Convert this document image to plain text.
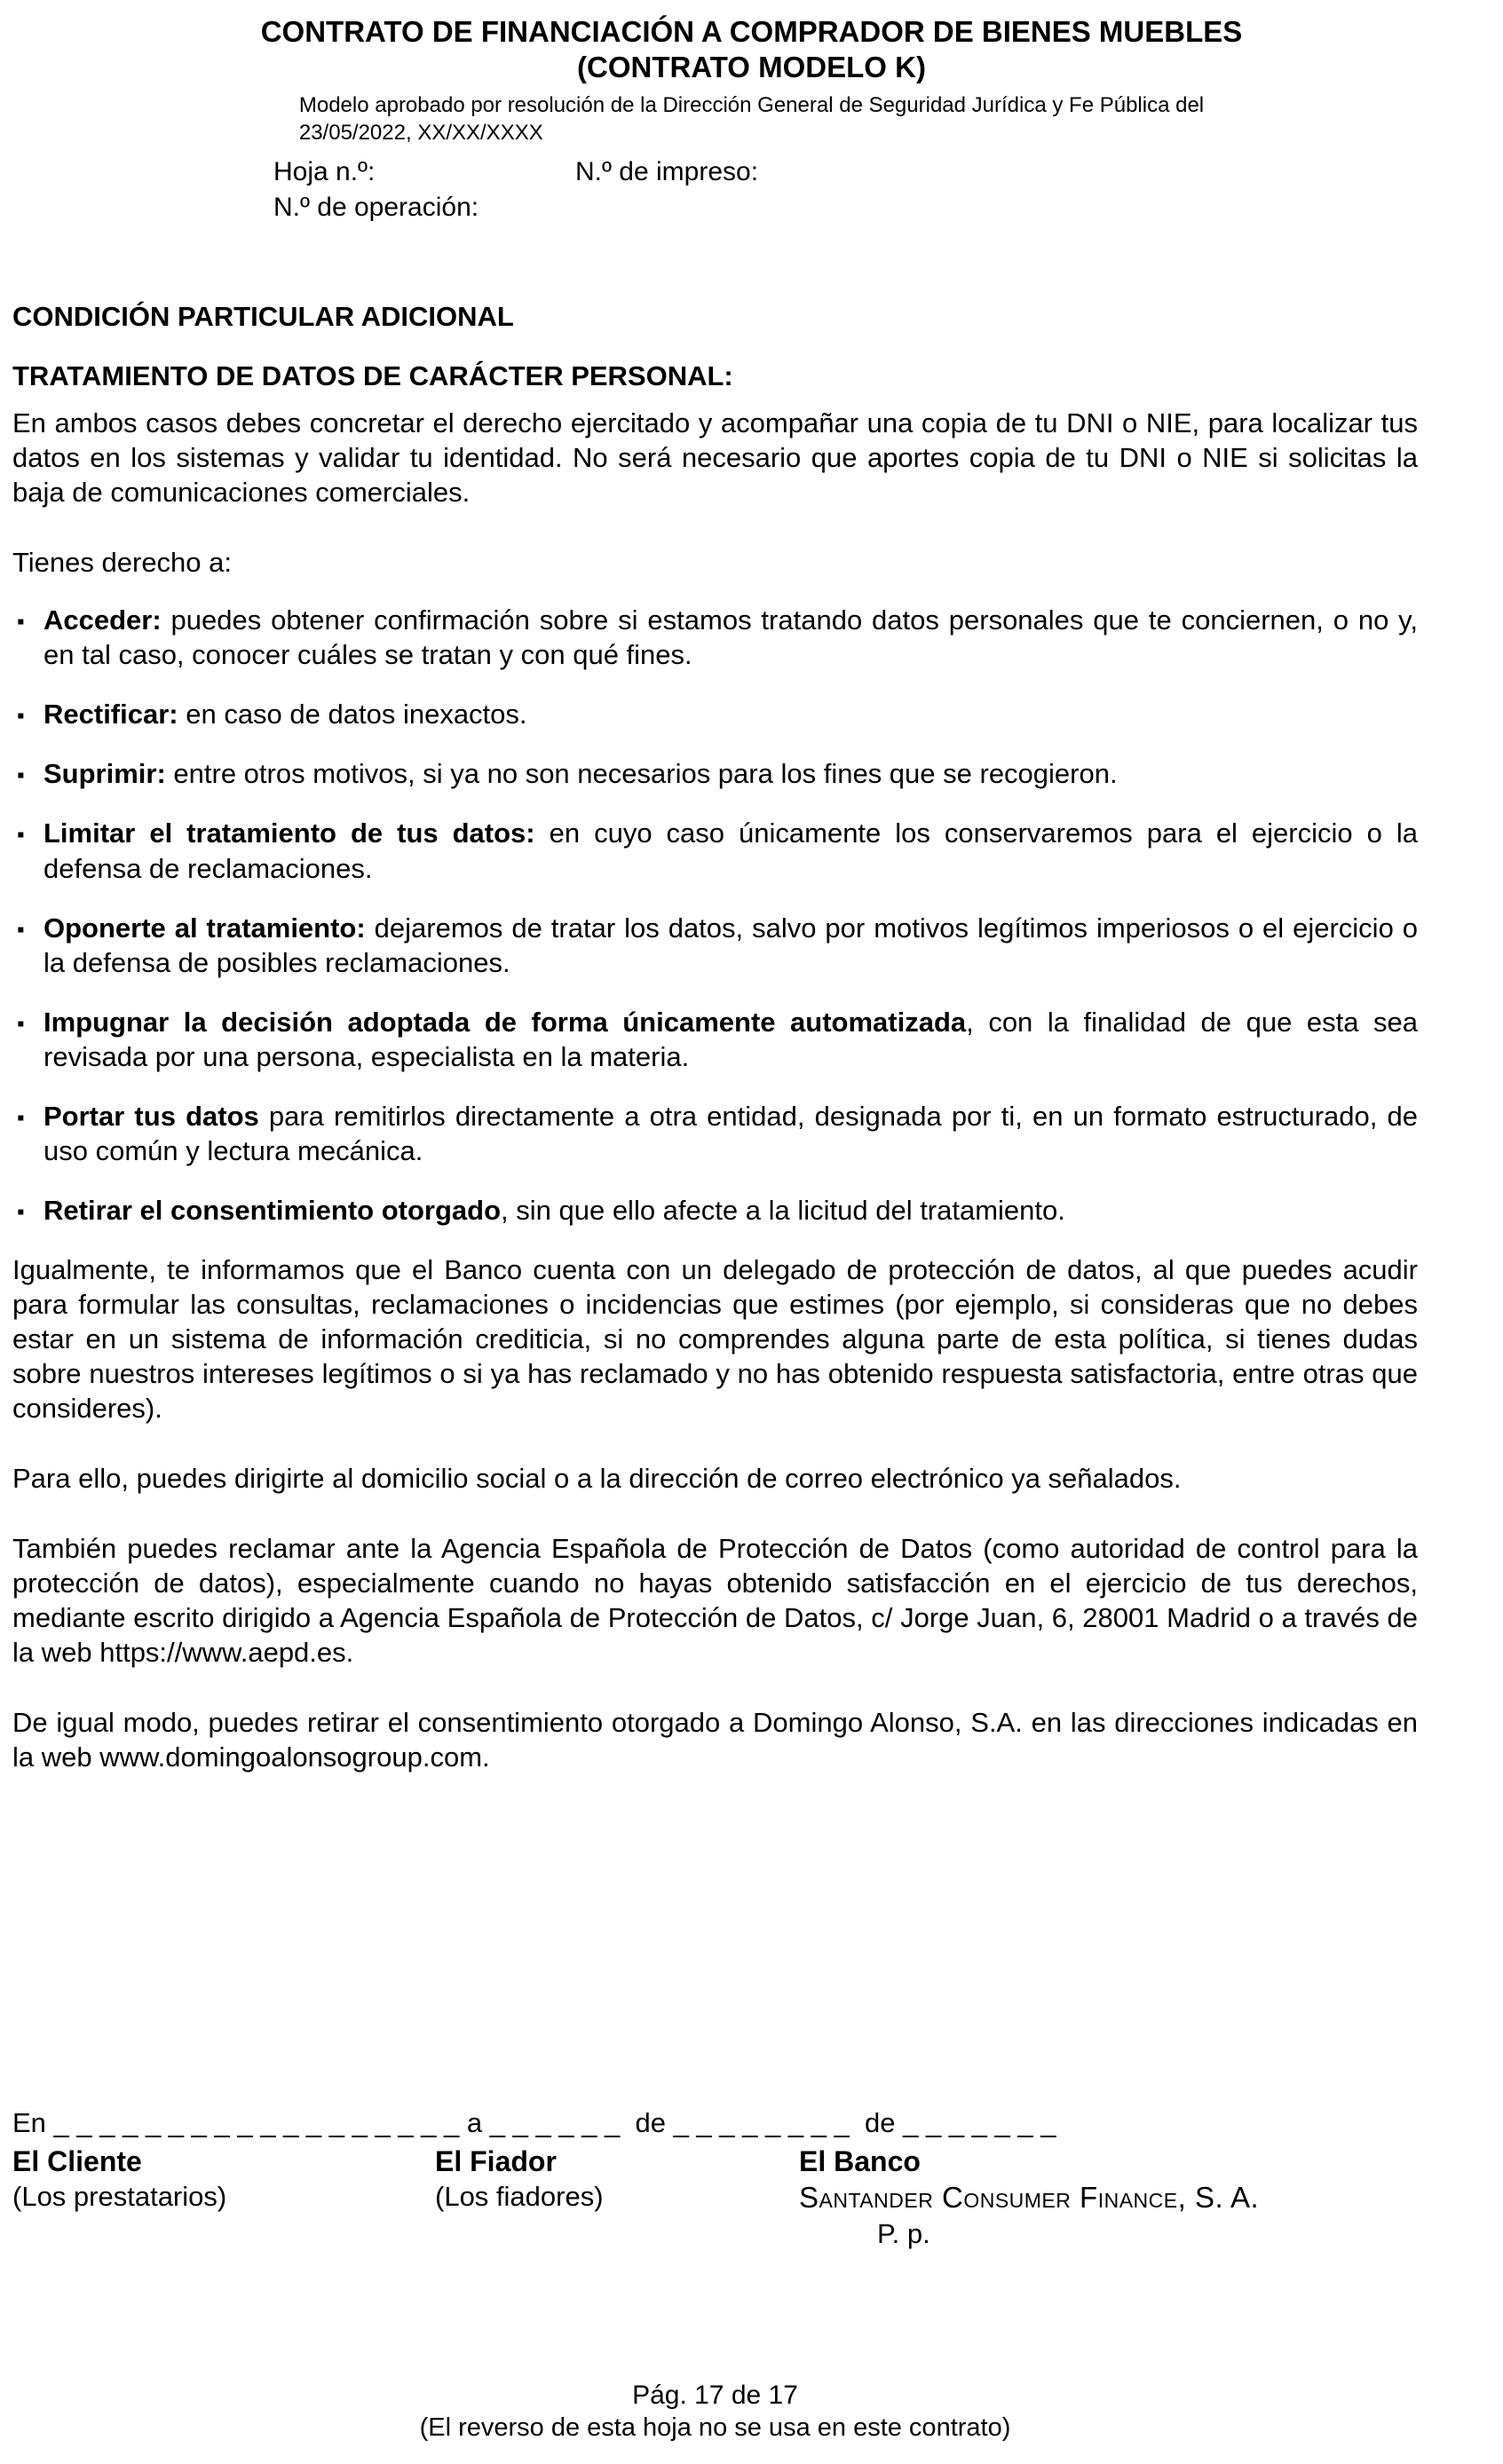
CONTRATO DE FINANCIACIÓN A COMPRADOR DE BIENES MUEBLES
(CONTRATO MODELO K)
Modelo aprobado por resolución de la Dirección General de Seguridad Jurídica y Fe Pública del
23/05/2022, XX/XX/XXXX
Hoja n.º:	N.º de impreso:
N.º de operación:
CONDICIÓN PARTICULAR ADICIONAL
TRATAMIENTO DE DATOS DE CARÁCTER PERSONAL:

En ambos casos debes concretar el derecho ejercitado y acompañar una copia de tu DNI o NIE, para localizar tus datos en los sistemas y validar tu identidad. No será necesario que aportes copia de tu DNI o NIE si solicitas la baja de comunicaciones comerciales.

Tienes derecho a:

▪ Acceder: puedes obtener confirmación sobre si estamos tratando datos personales que te conciernen, o no y, en tal caso, conocer cuáles se tratan y con qué fines.
▪ Rectificar: en caso de datos inexactos.
▪ Suprimir: entre otros motivos, si ya no son necesarios para los fines que se recogieron.
▪ Limitar el tratamiento de tus datos: en cuyo caso únicamente los conservaremos para el ejercicio o la defensa de reclamaciones.
▪ Oponerte al tratamiento: dejaremos de tratar los datos, salvo por motivos legítimos imperiosos o el ejercicio o la defensa de posibles reclamaciones.
▪ Impugnar la decisión adoptada de forma únicamente automatizada, con la finalidad de que esta sea revisada por una persona, especialista en la materia.
▪ Portar tus datos para remitirlos directamente a otra entidad, designada por ti, en un formato estructurado, de uso común y lectura mecánica.
▪ Retirar el consentimiento otorgado, sin que ello afecte a la licitud del tratamiento.

Igualmente, te informamos que el Banco cuenta con un delegado de protección de datos, al que puedes acudir para formular las consultas, reclamaciones o incidencias que estimes (por ejemplo, si consideras que no debes estar en un sistema de información crediticia, si no comprendes alguna parte de esta política, si tienes dudas sobre nuestros intereses legítimos o si ya has reclamado y no has obtenido respuesta satisfactoria, entre otras que consideres).

Para ello, puedes dirigirte al domicilio social o a la dirección de correo electrónico ya señalados.

También puedes reclamar ante la Agencia Española de Protección de Datos (como autoridad de control para la protección de datos), especialmente cuando no hayas obtenido satisfacción en el ejercicio de tus derechos, mediante escrito dirigido a Agencia Española de Protección de Datos, c/ Jorge Juan, 6, 28001 Madrid o a través de la web https://www.aepd.es.

De igual modo, puedes retirar el consentimiento otorgado a Domingo Alonso, S.A. en las direcciones indicadas en la web www.domingoalonsogroup.com.

En _ _ _ _ _ _ _ _ _ _ _ _ _ _ _ _ _ _ a _ _ _ _ _ _  de _ _ _ _ _ _ _ _  de _ _ _ _ _ _ _
El Cliente
(Los prestatarios)
El Fiador
(Los fiadores)
El Banco
Santander Consumer Finance, S. A.
P. p.
Pág. 17 de 17
(El reverso de esta hoja no se usa en este contrato)
